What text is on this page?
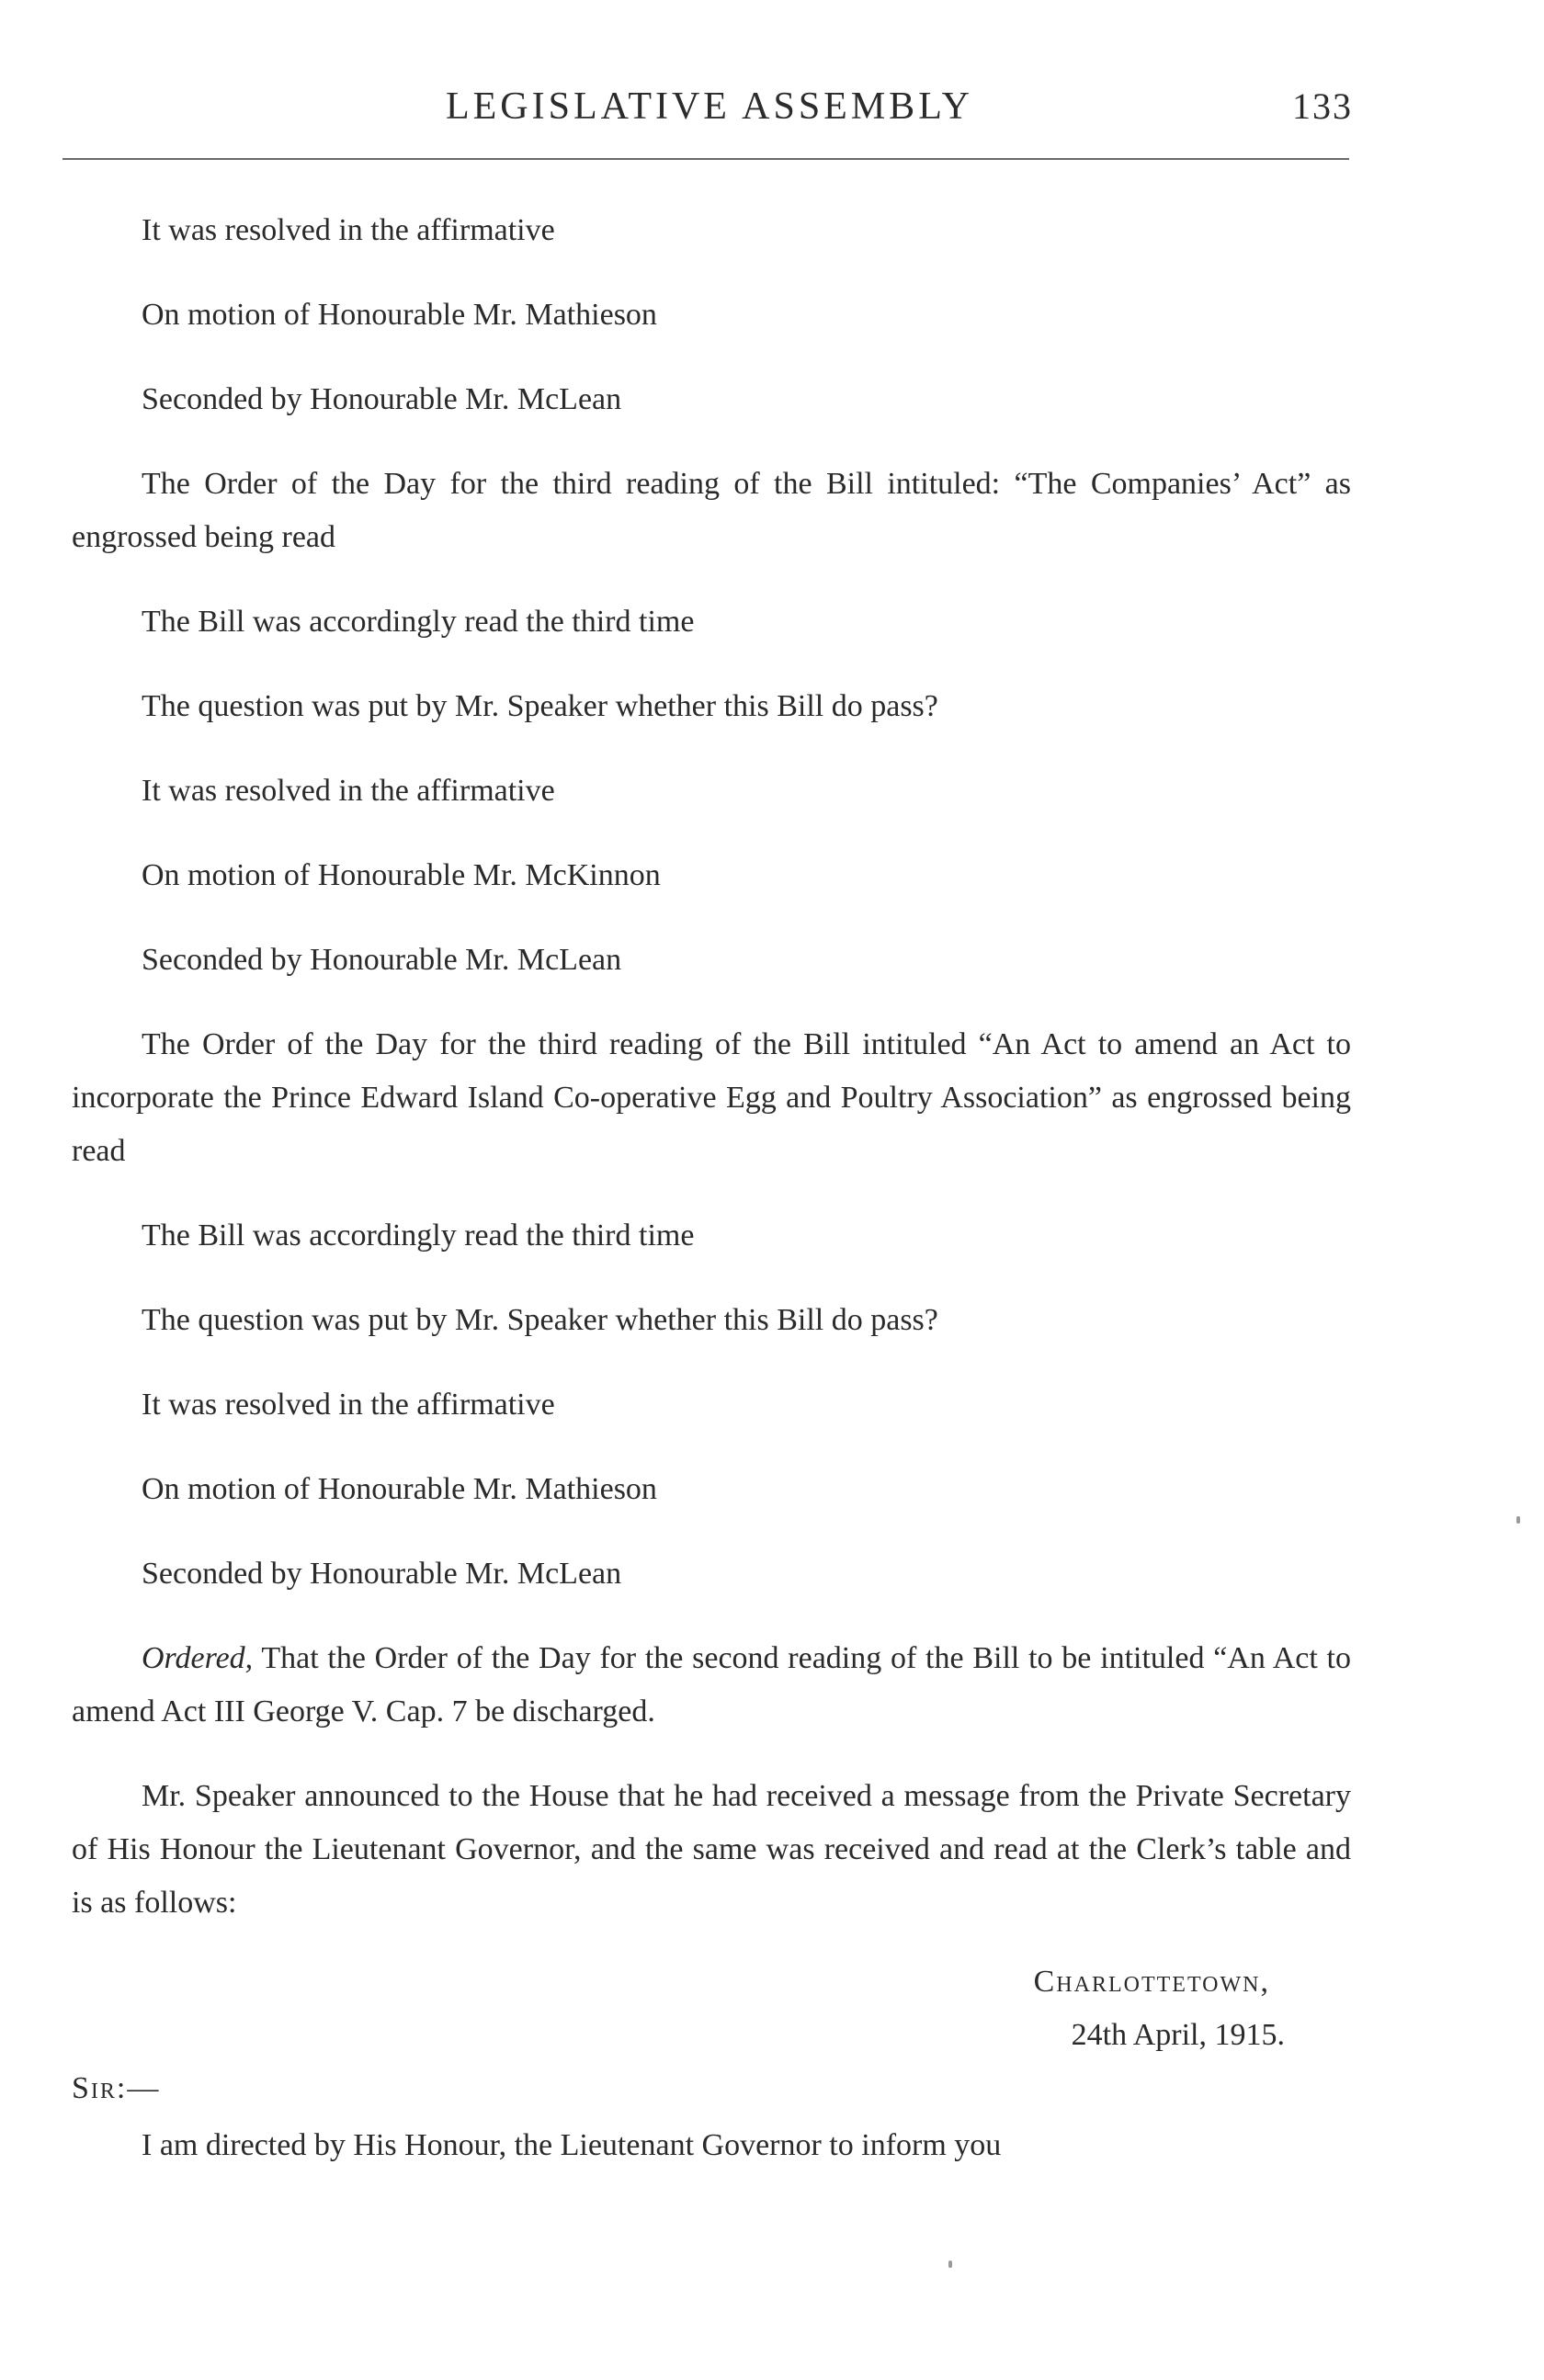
LEGISLATIVE ASSEMBLY	133

It was resolved in the affirmative

On motion of Honourable Mr. Mathieson

Seconded by Honourable Mr. McLean

The Order of the Day for the third reading of the Bill intituled: “The Companies’ Act” as engrossed being read

The Bill was accordingly read the third time

The question was put by Mr. Speaker whether this Bill do pass?

It was resolved in the affirmative

On motion of Honourable Mr. McKinnon

Seconded by Honourable Mr. McLean

The Order of the Day for the third reading of the Bill intituled “An Act to amend an Act to incorporate the Prince Edward Island Co-operative Egg and Poultry Association” as engrossed being read

The Bill was accordingly read the third time

The question was put by Mr. Speaker whether this Bill do pass?

It was resolved in the affirmative

On motion of Honourable Mr. Mathieson

Seconded by Honourable Mr. McLean

Ordered, That the Order of the Day for the second reading of the Bill to be intituled “An Act to amend Act III George V. Cap. 7 be discharged.

Mr. Speaker announced to the House that he had received a message from the Private Secretary of His Honour the Lieutenant Governor, and the same was received and read at the Clerk’s table and is as follows:

Charlottetown,

24th April, 1915.

Sir:—

I am directed by His Honour, the Lieutenant Governor to inform you
